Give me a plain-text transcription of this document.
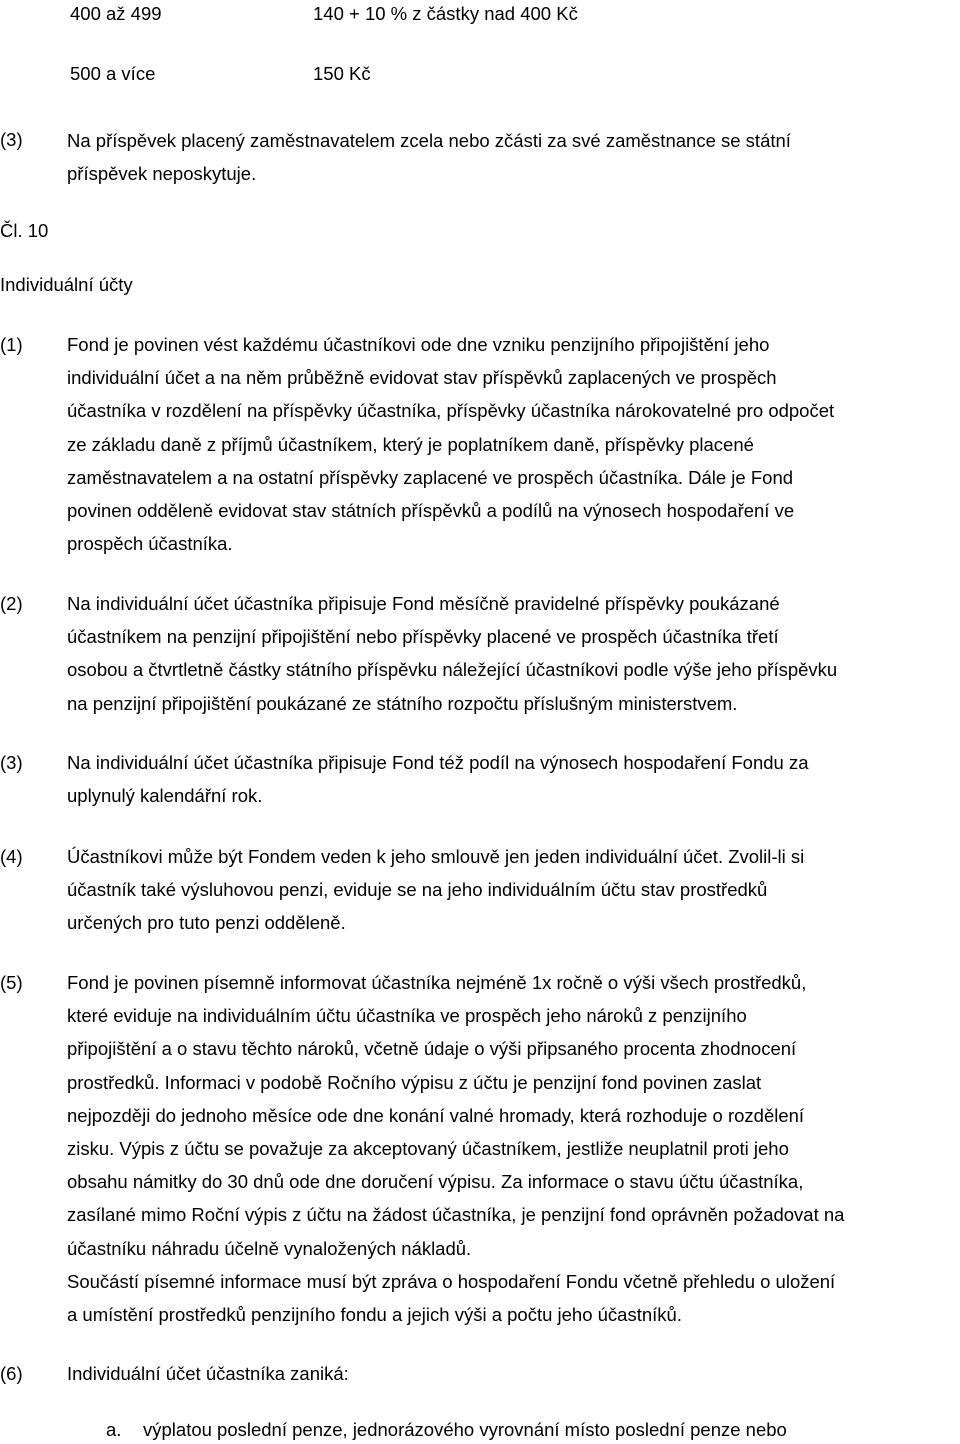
400 až 499	140 + 10 % z částky nad 400 Kč
500 a více	150 Kč
(3) Na příspěvek placený zaměstnavatelem zcela nebo zčásti za své zaměstnance se státní
příspěvek neposkytuje.
Čl. 10
Individuální účty
(1) Fond je povinen vést každému účastníkovi ode dne vzniku penzijního připojištění jeho
individuální účet a na něm průběžně evidovat stav příspěvků zaplacených ve prospěch
účastníka v rozdělení na příspěvky účastníka, příspěvky účastníka nárokovatelné pro odpočet
ze základu daně z příjmů účastníkem, který je poplatníkem daně, příspěvky placené
zaměstnavatelem a na ostatní příspěvky zaplacené ve prospěch účastníka. Dále je Fond
povinen odděleně evidovat stav státních příspěvků a podílů na výnosech hospodaření ve
prospěch účastníka.
(2) Na individuální účet účastníka připisuje Fond měsíčně pravidelné příspěvky poukázané
účastníkem na penzijní připojištění nebo příspěvky placené ve prospěch účastníka třetí
osobou a čtvrtletně částky státního příspěvku náležející účastníkovi podle výše jeho příspěvku
na penzijní připojištění poukázané ze státního rozpočtu příslušným ministerstvem.
(3) Na individuální účet účastníka připisuje Fond též podíl na výnosech hospodaření Fondu za
uplynulý kalendářní rok.
(4) Účastníkovi může být Fondem veden k jeho smlouvě jen jeden individuální účet. Zvolil-li si
účastník také výsluhovou penzi, eviduje se na jeho individuálním účtu stav prostředků
určených pro tuto penzi odděleně.
(5) Fond je povinen písemně informovat účastníka nejméně 1x ročně o výši všech prostředků,
které eviduje na individuálním účtu účastníka ve prospěch jeho nároků z penzijního
připojištění a o stavu těchto nároků, včetně údaje o výši připsaného procenta zhodnocení
prostředků. Informaci v podobě Ročního výpisu z účtu je penzijní fond povinen zaslat
nejpozději do jednoho měsíce ode dne konání valné hromady, která rozhoduje o rozdělení
zisku. Výpis z účtu se považuje za akceptovaný účastníkem, jestliže neuplatnil proti jeho
obsahu námitky do 30 dnů ode dne doručení výpisu. Za informace o stavu účtu účastníka,
zasílané mimo Roční výpis z účtu na žádost účastníka, je penzijní fond oprávněn požadovat na
účastníku náhradu účelně vynaložených nákladů.
Součástí písemné informace musí být zpráva o hospodaření Fondu včetně přehledu o uložení
a umístění prostředků penzijního fondu a jejich výši a počtu jeho účastníků.
(6) Individuální účet účastníka zaniká:
a. výplatou poslední penze, jednorázového vyrovnání místo poslední penze nebo
